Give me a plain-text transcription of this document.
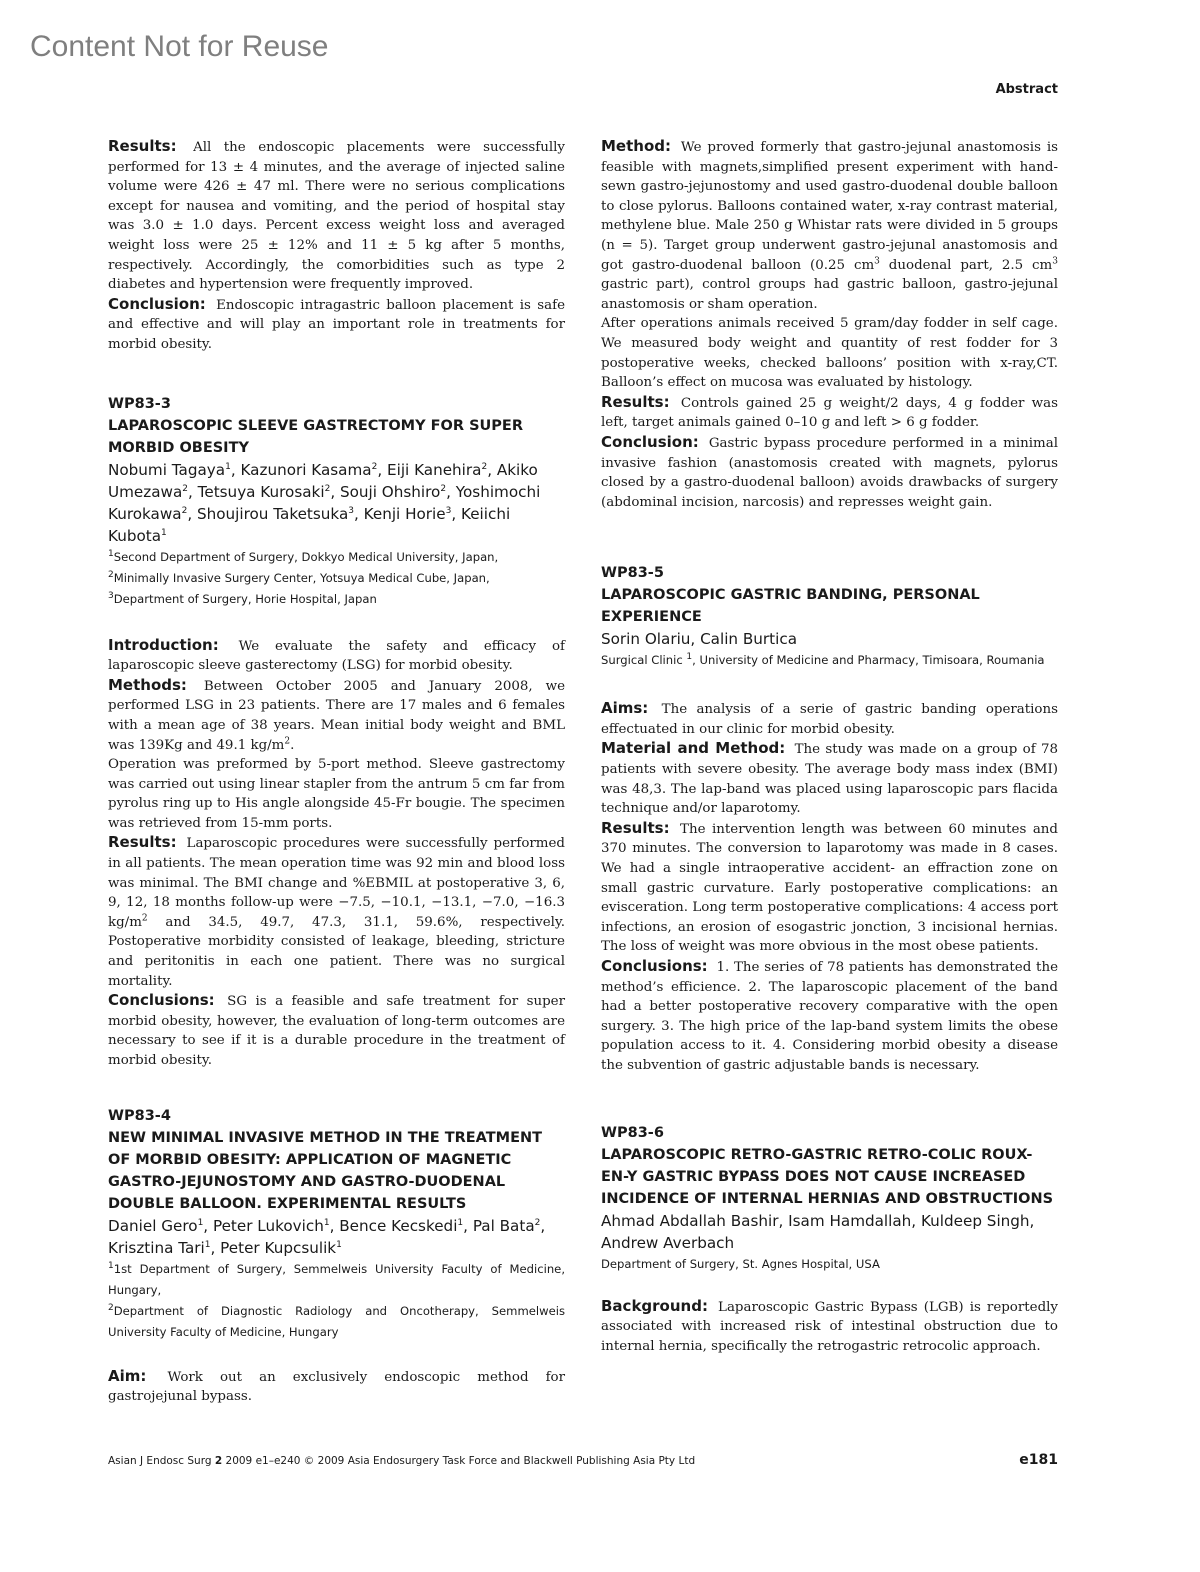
Content Not for Reuse
Abstract

Results: All the endoscopic placements were successfully performed for 13 ± 4 minutes, and the average of injected saline volume were 426 ± 47 ml. There were no serious complications except for nausea and vomiting, and the period of hospital stay was 3.0 ± 1.0 days. Percent excess weight loss and averaged weight loss were 25 ± 12% and 11 ± 5 kg after 5 months, respectively. Accordingly, the comorbidities such as type 2 diabetes and hypertension were frequently improved.

Conclusion: Endoscopic intragastric balloon placement is safe and effective and will play an important role in treatments for morbid obesity.

WP83-3

LAPAROSCOPIC SLEEVE GASTRECTOMY FOR SUPER MORBID OBESITY

Nobumi Tagaya$^1$, Kazunori Kasama$^2$, Eiji Kanehira$^2$, Akiko Umezawa$^2$, Tetsuya Kurosaki$^2$, Souji Ohshiro$^2$, Yoshimochi Kurokawa$^2$, Shoujirou Taketsuka$^3$, Kenji Horie$^3$, Keiichi Kubota$^1$

$^1$Second Department of Surgery, Dokkyo Medical University, Japan,

$^2$Minimally Invasive Surgery Center, Yotsuya Medical Cube, Japan,

$^3$Department of Surgery, Horie Hospital, Japan

Introduction: We evaluate the safety and efficacy of laparoscopic sleeve gasterectomy (LSG) for morbid obesity.

Methods: Between October 2005 and January 2008, we performed LSG in 23 patients. There are 17 males and 6 females with a mean age of 38 years. Mean initial body weight and BML was 139Kg and 49.1 $kg/m^2$.

Operation was preformed by 5-port method. Sleeve gastrectomy was carried out using linear stapler from the antrum 5 cm far from pyrolus ring up to His angle alongside 45-Fr bougie. The specimen was retrieved from 15-mm ports.

Results: Laparoscopic procedures were successfully performed in all patients. The mean operation time was 92 min and blood loss was minimal. The BMI change and %EBMIL at postoperative 3, 6, 9, 12, 18 months follow-up were −7.5, −10.1, −13.1, −7.0, −16.3 $kg/m^2$ and 34.5, 49.7, 47.3, 31.1, 59.6%, respectively. Postoperative morbidity consisted of leakage, bleeding, stricture and peritonitis in each one patient. There was no surgical mortality.

Conclusions: SG is a feasible and safe treatment for super morbid obesity, however, the evaluation of long-term outcomes are necessary to see if it is a durable procedure in the treatment of morbid obesity.

WP83-4

NEW MINIMAL INVASIVE METHOD IN THE TREATMENT OF MORBID OBESITY: APPLICATION OF MAGNETIC GASTRO-JEJUNOSTOMY AND GASTRO-DUODENAL DOUBLE BALLOON. EXPERIMENTAL RESULTS

Daniel Gero$^1$, Peter Lukovich$^1$, Bence Kecskedi$^1$, Pal Bata$^2$, Krisztina Tari$^1$, Peter Kupcsulik$^1$

$^1$1st Department of Surgery, Semmelweis University Faculty of Medicine, Hungary,

$^2$Department of Diagnostic Radiology and Oncotherapy, Semmelweis University Faculty of Medicine, Hungary

Aim: Work out an exclusively endoscopic method for gastrojejunal bypass.

Method: We proved formerly that gastro-jejunal anastomosis is feasible with magnets,simplified present experiment with hand-sewn gastro-jejunostomy and used gastro-duodenal double balloon to close pylorus. Balloons contained water, x-ray contrast material, methylene blue. Male 250 g Whistar rats were divided in 5 groups (n = 5). Target group underwent gastro-jejunal anastomosis and got gastro-duodenal balloon (0.25 $cm^3$ duodenal part, 2.5 $cm^3$ gastric part), control groups had gastric balloon, gastro-jejunal anastomosis or sham operation.

After operations animals received 5 gram/day fodder in self cage. We measured body weight and quantity of rest fodder for 3 postoperative weeks, checked balloons’ position with x-ray,CT. Balloon’s effect on mucosa was evaluated by histology.

Results: Controls gained 25 g weight/2 days, 4 g fodder was left, target animals gained 0–10 g and left > 6 g fodder.

Conclusion: Gastric bypass procedure performed in a minimal invasive fashion (anastomosis created with magnets, pylorus closed by a gastro-duodenal balloon) avoids drawbacks of surgery (abdominal incision, narcosis) and represses weight gain.

WP83-5

LAPAROSCOPIC GASTRIC BANDING, PERSONAL EXPERIENCE

Sorin Olariu, Calin Burtica

Surgical Clinic $^1$, University of Medicine and Pharmacy, Timisoara, Roumania

Aims: The analysis of a serie of gastric banding operations effectuated in our clinic for morbid obesity.

Material and Method: The study was made on a group of 78 patients with severe obesity. The average body mass index (BMI) was 48,3. The lap-band was placed using laparoscopic pars flacida technique and/or laparotomy.

Results: The intervention length was between 60 minutes and 370 minutes. The conversion to laparotomy was made in 8 cases. We had a single intraoperative accident- an effraction zone on small gastric curvature. Early postoperative complications: an evisceration. Long term postoperative complications: 4 access port infections, an erosion of esogastric jonction, 3 incisional hernias. The loss of weight was more obvious in the most obese patients.

Conclusions: 1. The series of 78 patients has demonstrated the method’s efficience. 2. The laparoscopic placement of the band had a better postoperative recovery comparative with the open surgery. 3. The high price of the lap-band system limits the obese population access to it. 4. Considering morbid obesity a disease the subvention of gastric adjustable bands is necessary.

WP83-6

LAPAROSCOPIC RETRO-GASTRIC RETRO-COLIC ROUX-EN-Y GASTRIC BYPASS DOES NOT CAUSE INCREASED INCIDENCE OF INTERNAL HERNIAS AND OBSTRUCTIONS

Ahmad Abdallah Bashir, Isam Hamdallah, Kuldeep Singh, Andrew Averbach

Department of Surgery, St. Agnes Hospital, USA

Background: Laparoscopic Gastric Bypass (LGB) is reportedly associated with increased risk of intestinal obstruction due to internal hernia, specifically the retrogastric retrocolic approach.

Asian J Endosc Surg 2 2009 e1–e240 © 2009 Asia Endosurgery Task Force and Blackwell Publishing Asia Pty Ltd	e181
